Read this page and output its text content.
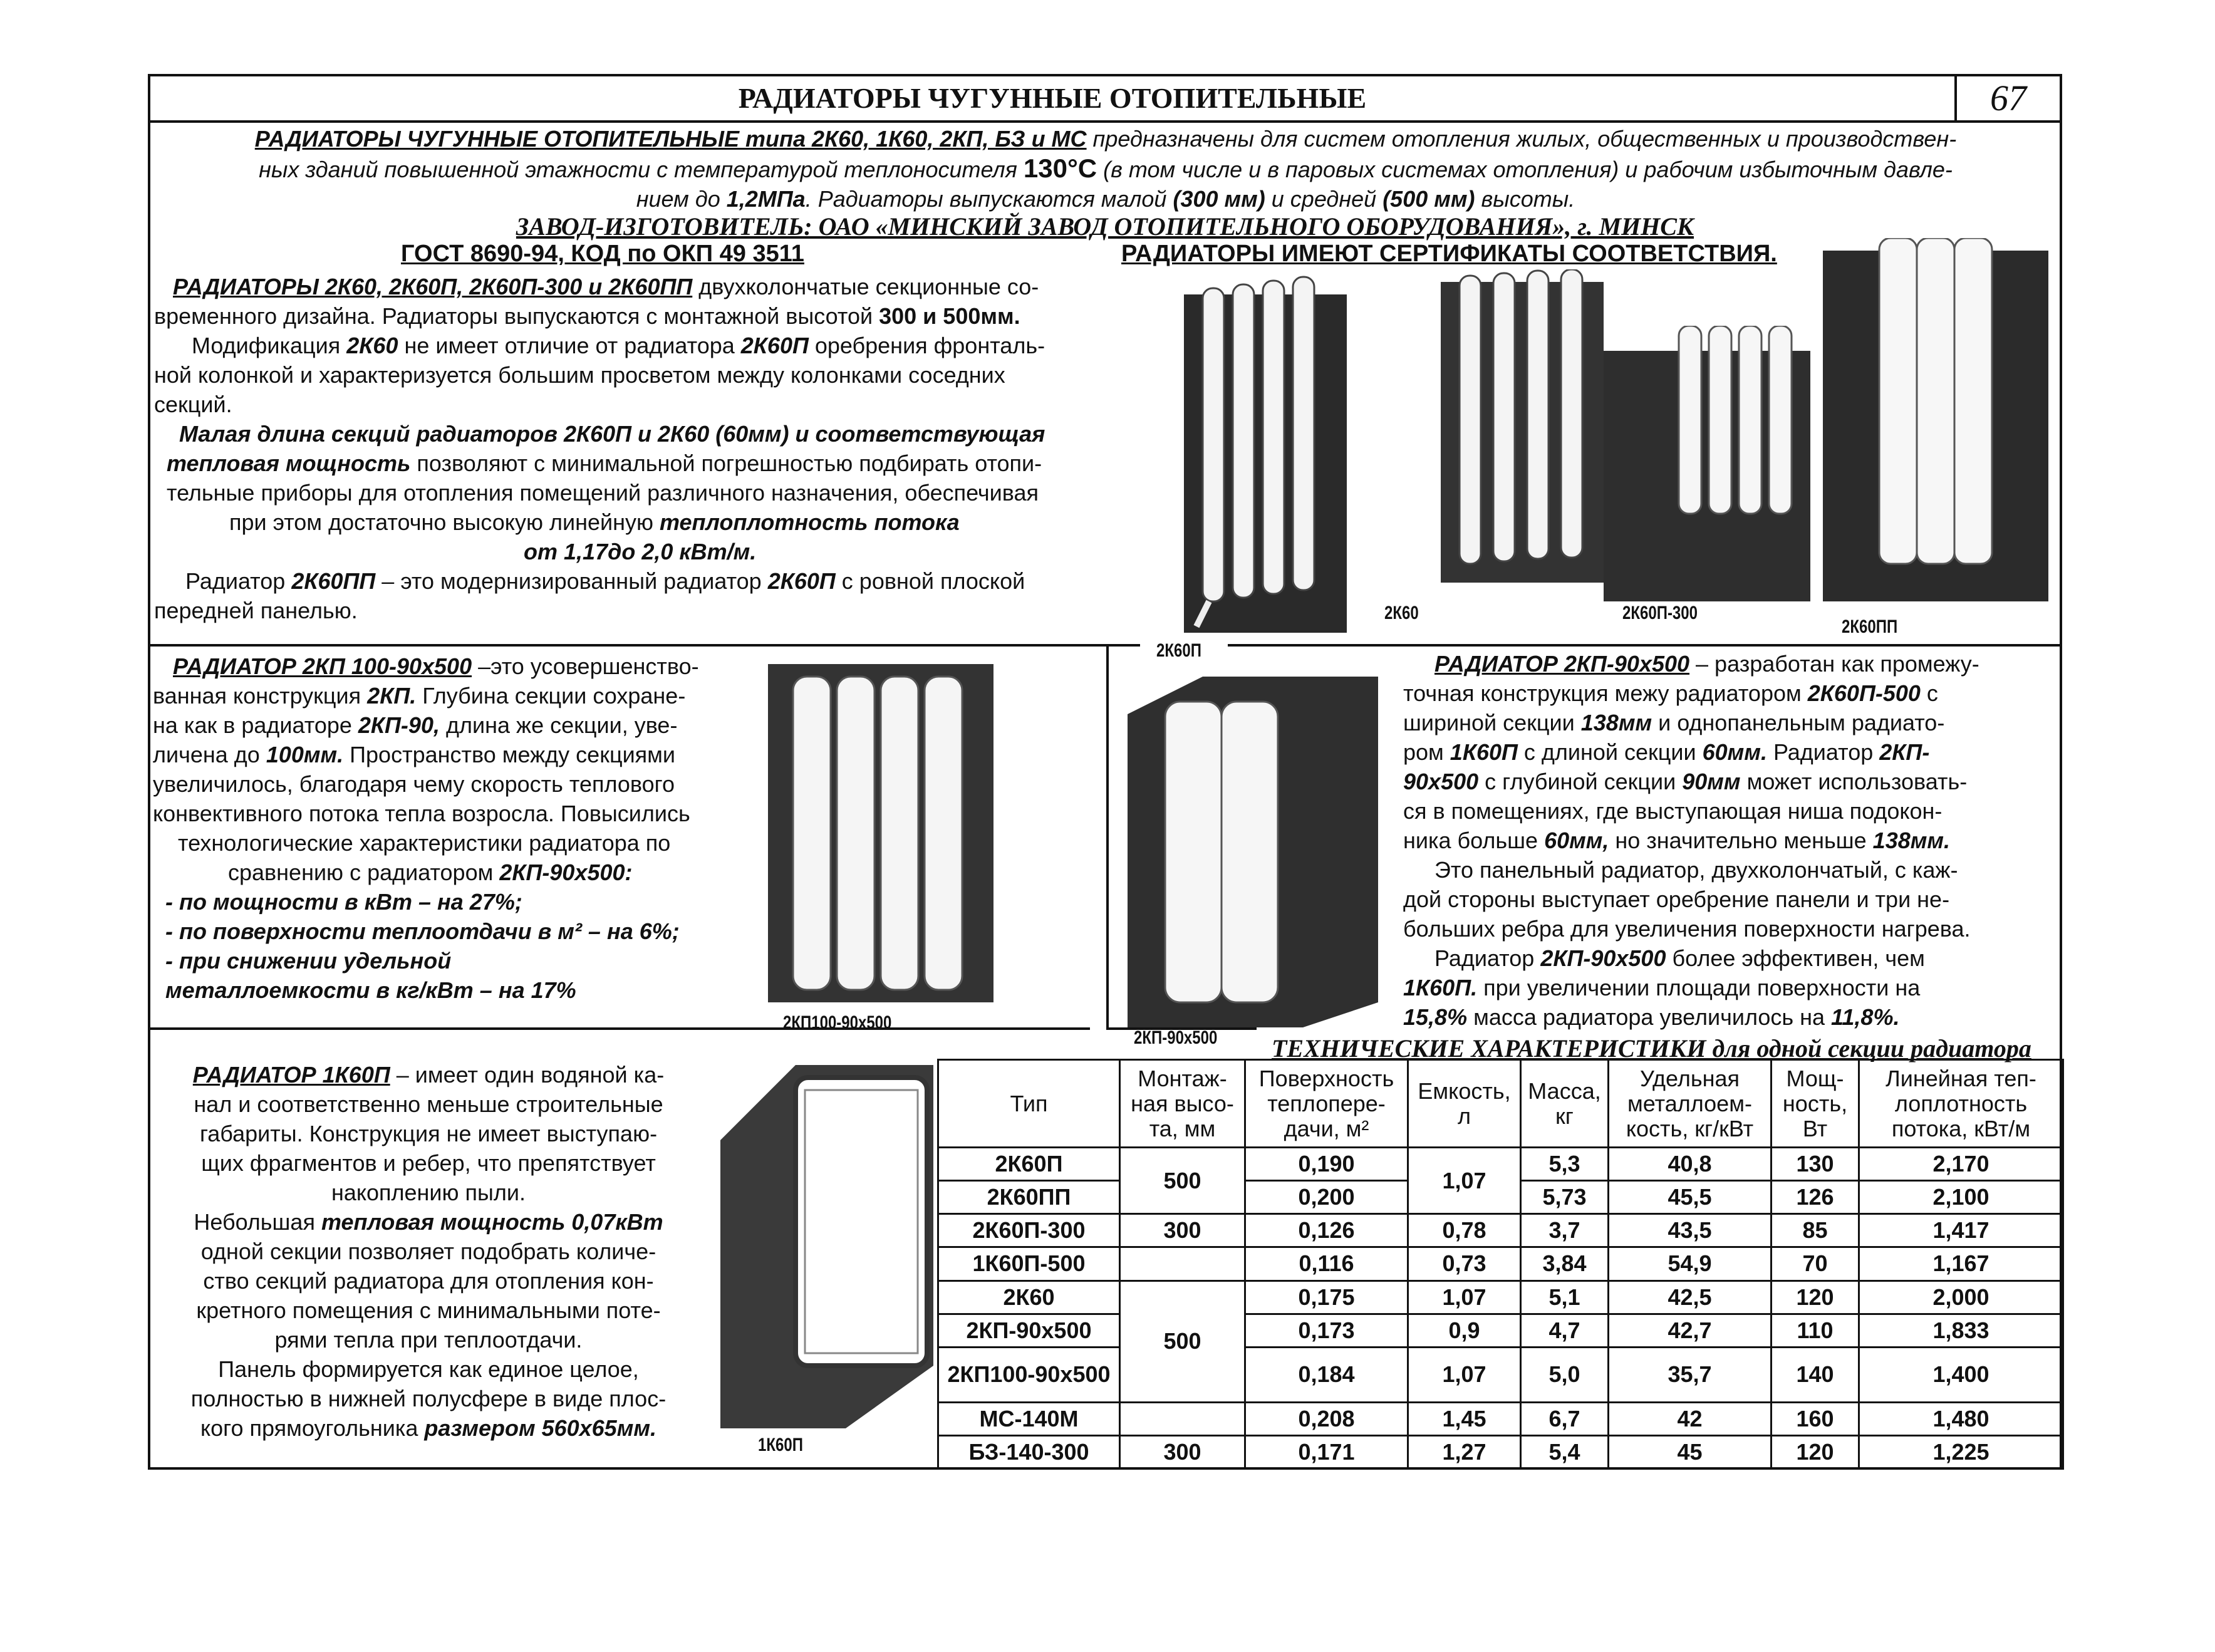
РАДИАТОРЫ ЧУГУННЫЕ ОТОПИТЕЛЬНЫЕ	67
РАДИАТОРЫ ЧУГУННЫЕ ОТОПИТЕЛЬНЫЕ типа 2К60, 1К60, 2КП, БЗ и МС предназначены для систем отопления жилых, общественных и производствен-
ных зданий повышенной этажности с температурой теплоносителя 130°С (в том числе и в паровых системах отопления) и рабочим избыточным давле-
нием до 1,2МПа. Радиаторы выпускаются малой (300 мм) и средней (500 мм) высоты.
ЗАВОД-ИЗГОТОВИТЕЛЬ: ОАО «МИНСКИЙ ЗАВОД ОТОПИТЕЛЬНОГО ОБОРУДОВАНИЯ», г. МИНСК
ГОСТ 8690-94, КОД по ОКП 49 3511	РАДИАТОРЫ ИМЕЮТ СЕРТИФИКАТЫ СООТВЕТСТВИЯ.
РАДИАТОРЫ 2К60, 2К60П, 2К60П-300 и 2К60ПП двухколончатые секционные со-
временного дизайна. Радиаторы выпускаются с монтажной высотой 300 и 500мм.
Модификация 2К60 не имеет отличие от радиатора 2К60П оребрения фронталь-
ной колонкой и характеризуется большим просветом между колонками соседних
секций.
Малая длина секций радиаторов 2К60П и 2К60 (60мм) и соответствующая
тепловая мощность позволяют с минимальной погрешностью подбирать отопи-
тельные приборы для отопления помещений различного назначения, обеспечивая
при этом достаточно высокую линейную теплоплотность потока
от 1,17до 2,0 кВт/м.
Радиатор 2К60ПП – это модернизированный радиатор 2К60П с ровной плоской
передней панелью.	2К60	2К60П-300
2К60ПП
2К60П
РАДИАТОР 2КП 100-90х500 –это усовершенство-
ванная конструкция 2КП. Глубина секции сохране-
на как в радиаторе 2КП-90, длина же секции, уве-
личена до 100мм. Пространство между секциями
увеличилось, благодаря чему скорость теплового
конвективного потока тепла возросла. Повысились
технологические характеристики радиатора по
сравнению с радиатором 2КП-90х500:
- по мощности в кВт – на 27%;
- по поверхности теплоотдачи в м² – на 6%;
- при снижении удельной
металлоемкости в кг/кВт – на 17%
2КП100-90х500
2КП-90х500
РАДИАТОР 2КП-90х500 – разработан как промежу-
точная конструкция межу радиатором 2К60П-500 с
шириной секции 138мм и однопанельным радиато-
ром 1К60П с длиной секции 60мм. Радиатор 2КП-
90х500 с глубиной секции 90мм может использовать-
ся в помещениях, где выступающая ниша подокон-
ника больше 60мм, но значительно меньше 138мм.
Это панельный радиатор, двухколончатый, с каж-
дой стороны выступает оребрение панели и три не-
больших ребра для увеличения поверхности нагрева.
Радиатор 2КП-90х500 более эффективен, чем
1К60П. при увеличении площади поверхности на
15,8% масса радиатора увеличилось на 11,8%.
РАДИАТОР 1К60П – имеет один водяной ка-
нал и соответственно меньше строительные
габариты. Конструкция не имеет выступаю-
щих фрагментов и ребер, что препятствует
накоплению пыли.
Небольшая тепловая мощность 0,07кВт
одной секции позволяет подобрать количе-
ство секций радиатора для отопления кон-
кретного помещения с минимальными поте-
рями тепла при теплоотдачи.
Панель формируется как единое целое,
полностью в нижней полусфере в виде плос-
кого прямоугольника размером 560х65мм.
1К60П
ТЕХНИЧЕСКИЕ ХАРАКТЕРИСТИКИ для одной секции радиатора
Тип	Монтаж-ная высо-та, мм	Поверхность теплопере-дачи, м²	Емкость, л	Масса, кг	Удельная металлоем-кость, кг/кВт	Мощ-ность, Вт	Линейная теп-лоплотность потока, кВт/м
2К60П	500	0,190	1,07	5,3	40,8	130	2,170
2К60ПП		0,200		5,73	45,5	126	2,100
2К60П-300	300	0,126	0,78	3,7	43,5	85	1,417
1К60П-500		0,116	0,73	3,84	54,9	70	1,167
2К60	500	0,175	1,07	5,1	42,5	120	2,000
2КП-90х500		0,173	0,9	4,7	42,7	110	1,833
2КП100-90х500		0,184	1,07	5,0	35,7	140	1,400
МС-140М		0,208	1,45	6,7	42	160	1,480
БЗ-140-300	300	0,171	1,27	5,4	45	120	1,225
